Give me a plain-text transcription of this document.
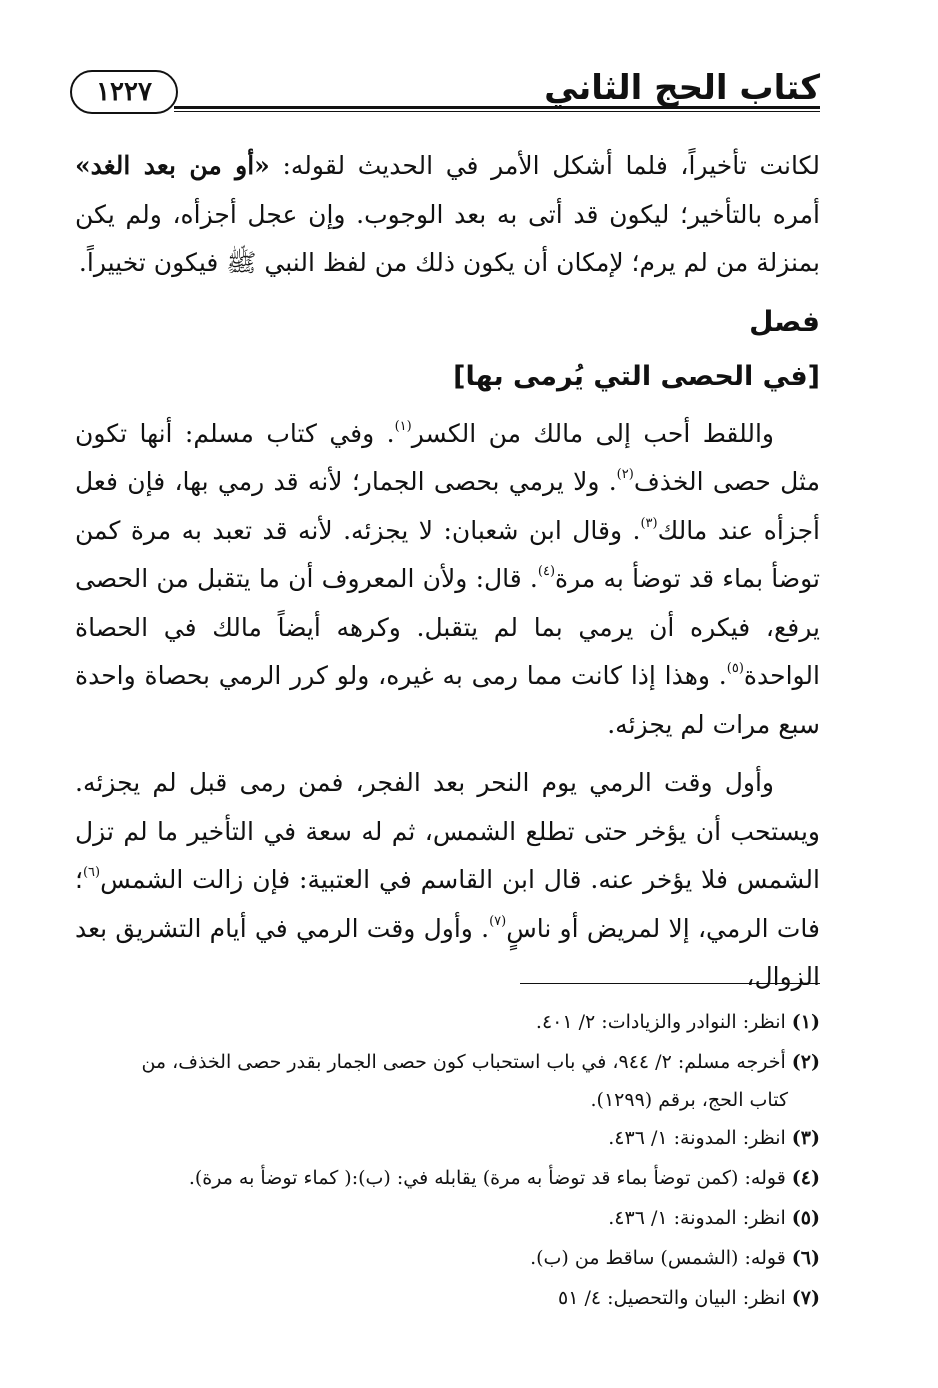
كتاب الحج الثاني
١٢٢٧

لكانت تأخيراً، فلما أشكل الأمر في الحديث لقوله: «أو من بعد الغد» أمره بالتأخير؛ ليكون قد أتى به بعد الوجوب. وإن عجل أجزأه، ولم يكن بمنزلة من لم يرم؛ لإمكان أن يكون ذلك من لفظ النبي ﷺ فيكون تخييراً.

فصل
[في الحصى التي يُرمى بها]

واللقط أحب إلى مالك من الكسر$^{(١)}$. وفي كتاب مسلم: أنها تكون مثل حصى الخذف$^{(٢)}$. ولا يرمي بحصى الجمار؛ لأنه قد رمي بها، فإن فعل أجزأه عند مالك$^{(٣)}$. وقال ابن شعبان: لا يجزئه. لأنه قد تعبد به مرة كمن توضأ بماء قد توضأ به مرة$^{(٤)}$. قال: ولأن المعروف أن ما يتقبل من الحصى يرفع، فيكره أن يرمي بما لم يتقبل. وكرهه أيضاً مالك في الحصاة الواحدة$^{(٥)}$. وهذا إذا كانت مما رمى به غيره، ولو كرر الرمي بحصاة واحدة سبع مرات لم يجزئه.

وأول وقت الرمي يوم النحر بعد الفجر، فمن رمى قبل لم يجزئه. ويستحب أن يؤخر حتى تطلع الشمس، ثم له سعة في التأخير ما لم تزل الشمس فلا يؤخر عنه. قال ابن القاسم في العتبية: فإن زالت الشمس$^{(٦)}$؛ فات الرمي، إلا لمريض أو ناسٍ$^{(٧)}$. وأول وقت الرمي في أيام التشريق بعد الزوال،

(١)انظر: النوادر والزيادات: ٢/ ٤٠١.

(٢)أخرجه مسلم: ٢/ ٩٤٤، في باب استحباب كون حصى الجمار بقدر حصى الخذف، من
كتاب الحج، برقم (١٢٩٩).

(٣)انظر: المدونة: ١/ ٤٣٦.

(٤)قوله: (كمن توضأ بماء قد توضأ به مرة) يقابله في: (ب):( كماء توضأ به مرة).

(٥)انظر: المدونة: ١/ ٤٣٦.

(٦)قوله: (الشمس) ساقط من (ب).

(٧)انظر: البيان والتحصيل: ٤/ ٥١
